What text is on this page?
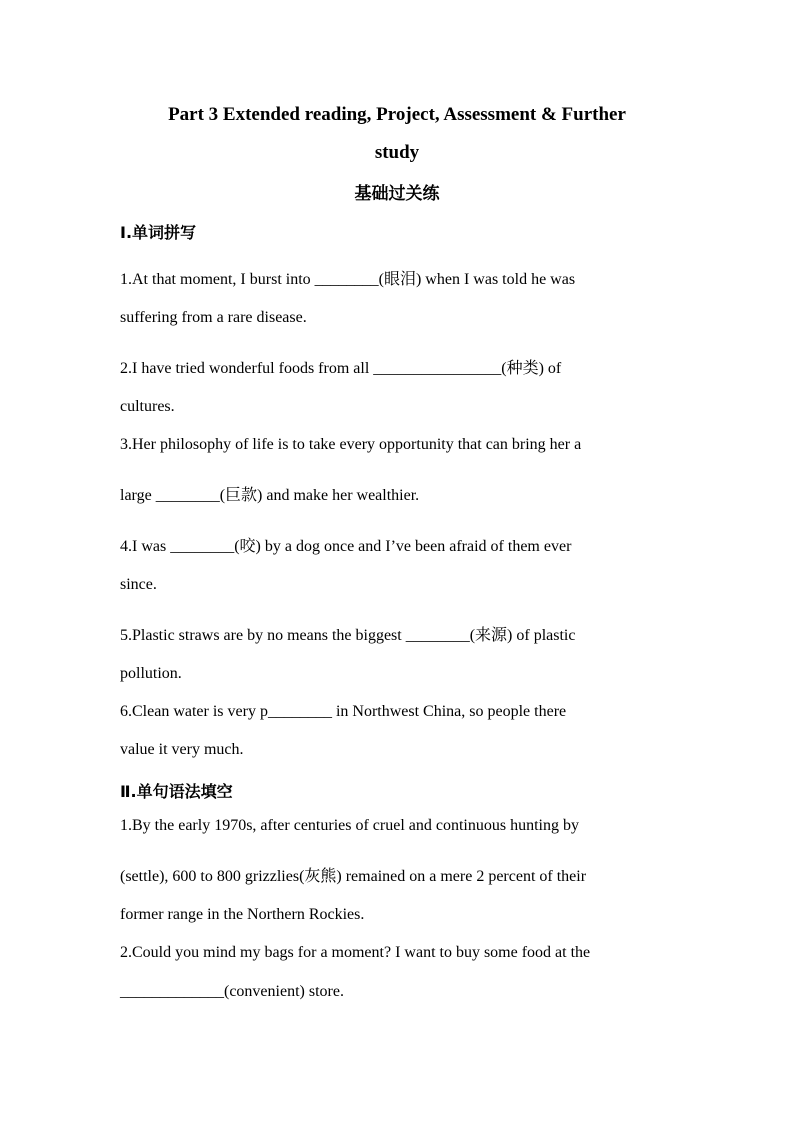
Part 3 Extended reading, Project, Assessment & Further

study

基础过关练

Ⅰ.单词拼写

1.At that moment, I burst into ________(眼泪) when I was told he was

suffering from a rare disease.

2.I have tried wonderful foods from all ________________(种类) of

cultures.

3.Her philosophy of life is to take every opportunity that can bring her a

large ________(巨款) and make her wealthier.

4.I was ________(咬) by a dog once and I’ve been afraid of them ever

since.

5.Plastic straws are by no means the biggest ________(来源) of plastic

pollution.

6.Clean water is very p________ in Northwest China, so people there

value it very much.

Ⅱ.单句语法填空

1.By the early 1970s, after centuries of cruel and continuous hunting by

(settle), 600 to 800 grizzlies(灰熊) remained on a mere 2 percent of their

former range in the Northern Rockies.

2.Could you mind my bags for a moment? I want to buy some food at the

_____________(convenient) store.
